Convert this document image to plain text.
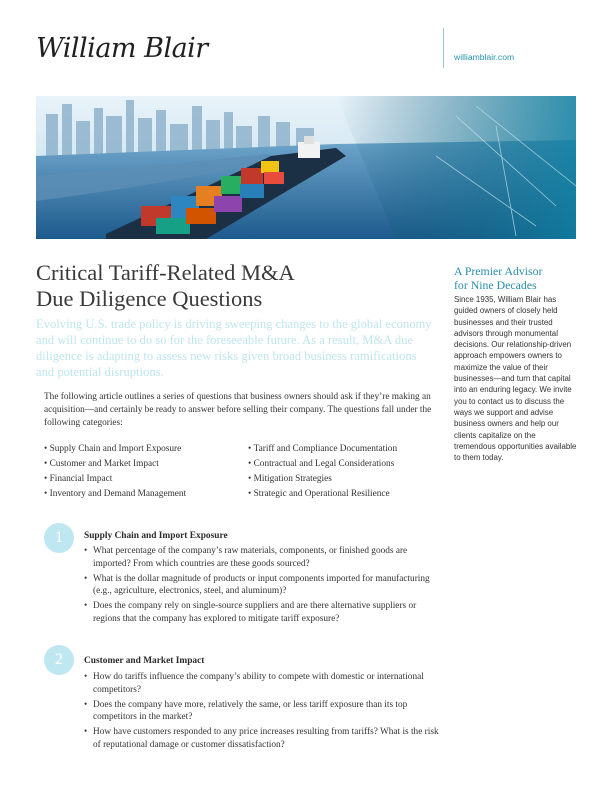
William Blair	williamblair.com
Critical Tariff-Related M&A
Due Diligence Questions
Evolving U.S. trade policy is driving sweeping changes to the global economy and will continue to do so for the foreseeable future. As a result, M&A due diligence is adapting to assess new risks given broad business ramifications and potential disruptions.
The following article outlines a series of questions that business owners should ask if they’re making an acquisition—and certainly be ready to answer before selling their company. The questions fall under the following categories:
• Supply Chain and Import Exposure
• Customer and Market Impact
• Financial Impact
• Inventory and Demand Management
• Tariff and Compliance Documentation
• Contractual and Legal Considerations
• Mitigation Strategies
• Strategic and Operational Resilience
1	Supply Chain and Import Exposure
• What percentage of the company’s raw materials, components, or finished goods are imported? From which countries are these goods sourced?
• What is the dollar magnitude of products or input components imported for manufacturing (e.g., agriculture, electronics, steel, and aluminum)?
• Does the company rely on single-source suppliers and are there alternative suppliers or regions that the company has explored to mitigate tariff exposure?
2	Customer and Market Impact
• How do tariffs influence the company’s ability to compete with domestic or international competitors?
• Does the company have more, relatively the same, or less tariff exposure than its top competitors in the market?
• How have customers responded to any price increases resulting from tariffs? What is the risk of reputational damage or customer dissatisfaction?
A Premier Advisor
for Nine Decades
Since 1935, William Blair has guided owners of closely held businesses and their trusted advisors through monumental decisions. Our relationship-driven approach empowers owners to maximize the value of their businesses—and turn that capital into an enduring legacy. We invite you to contact us to discuss the ways we support and advise business owners and help our clients capitalize on the tremendous opportunities available to them today.
